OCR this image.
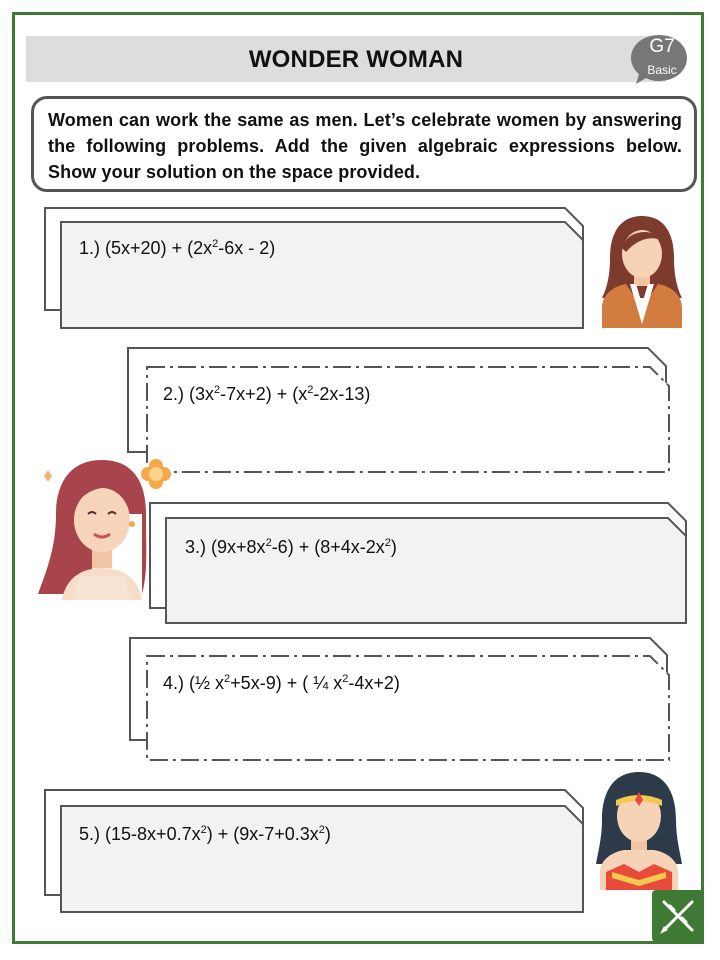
WONDER WOMAN	G7
Basic

Women can work the same as men. Let’s celebrate women by answering the following problems. Add the given algebraic expressions below. Show your solution on the space provided.

1.) $(5x+20) + (2x^2-6x - 2)$
2.) $(3x^2-7x+2) + (x^2-2x-13)$
3.) $(9x+8x^2-6) + (8+4x-2x^2)$
4.) (½ $x^2+5x-9$) + ( ¼ $x^2-4x+2$)
5.) $(15-8x+0.7x^2) + (9x-7+0.3x^2)$
